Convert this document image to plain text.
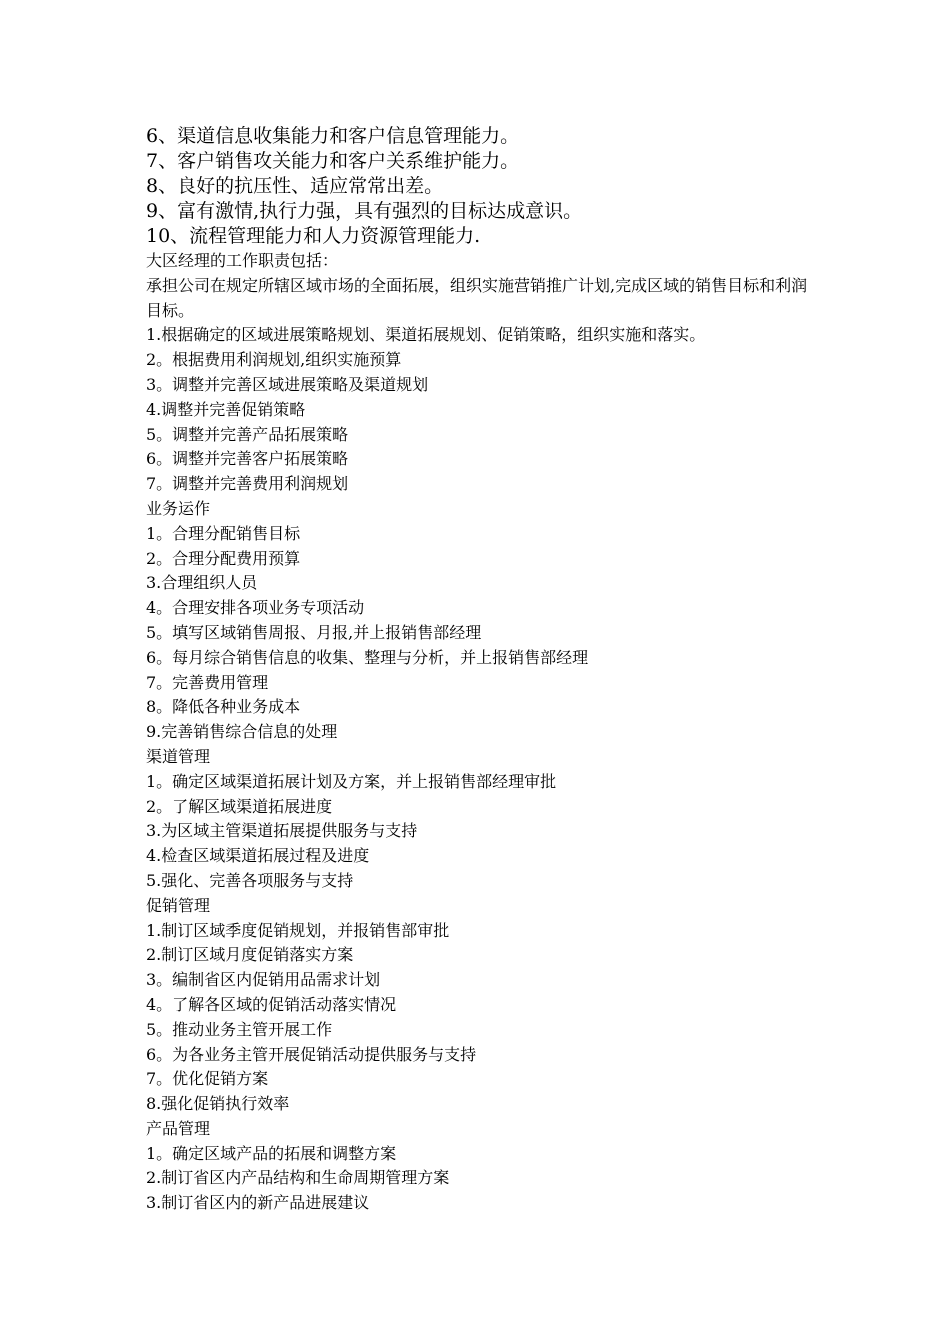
6、渠道信息收集能力和客户信息管理能力。
7、客户销售攻关能力和客户关系维护能力。
8、良好的抗压性、适应常常出差。
9、富有激情,执行力强，具有强烈的目标达成意识。
10、流程管理能力和人力资源管理能力.
大区经理的工作职责包括：
承担公司在规定所辖区域市场的全面拓展，组织实施营销推广计划,完成区域的销售目标和利润目标。
1.根据确定的区域进展策略规划、渠道拓展规划、促销策略，组织实施和落实。
2。根据费用利润规划,组织实施预算
3。调整并完善区域进展策略及渠道规划
4.调整并完善促销策略
5。调整并完善产品拓展策略
6。调整并完善客户拓展策略
7。调整并完善费用利润规划
业务运作
1。合理分配销售目标
2。合理分配费用预算
3.合理组织人员
4。合理安排各项业务专项活动
5。填写区域销售周报、月报,并上报销售部经理
6。每月综合销售信息的收集、整理与分析，并上报销售部经理
7。完善费用管理
8。降低各种业务成本
9.完善销售综合信息的处理
渠道管理
1。确定区域渠道拓展计划及方案，并上报销售部经理审批
2。了解区域渠道拓展进度
3.为区域主管渠道拓展提供服务与支持
4.检查区域渠道拓展过程及进度
5.强化、完善各项服务与支持
促销管理
1.制订区域季度促销规划，并报销售部审批
2.制订区域月度促销落实方案
3。编制省区内促销用品需求计划
4。了解各区域的促销活动落实情况
5。推动业务主管开展工作
6。为各业务主管开展促销活动提供服务与支持
7。优化促销方案
8.强化促销执行效率
产品管理
1。确定区域产品的拓展和调整方案
2.制订省区内产品结构和生命周期管理方案
3.制订省区内的新产品进展建议
